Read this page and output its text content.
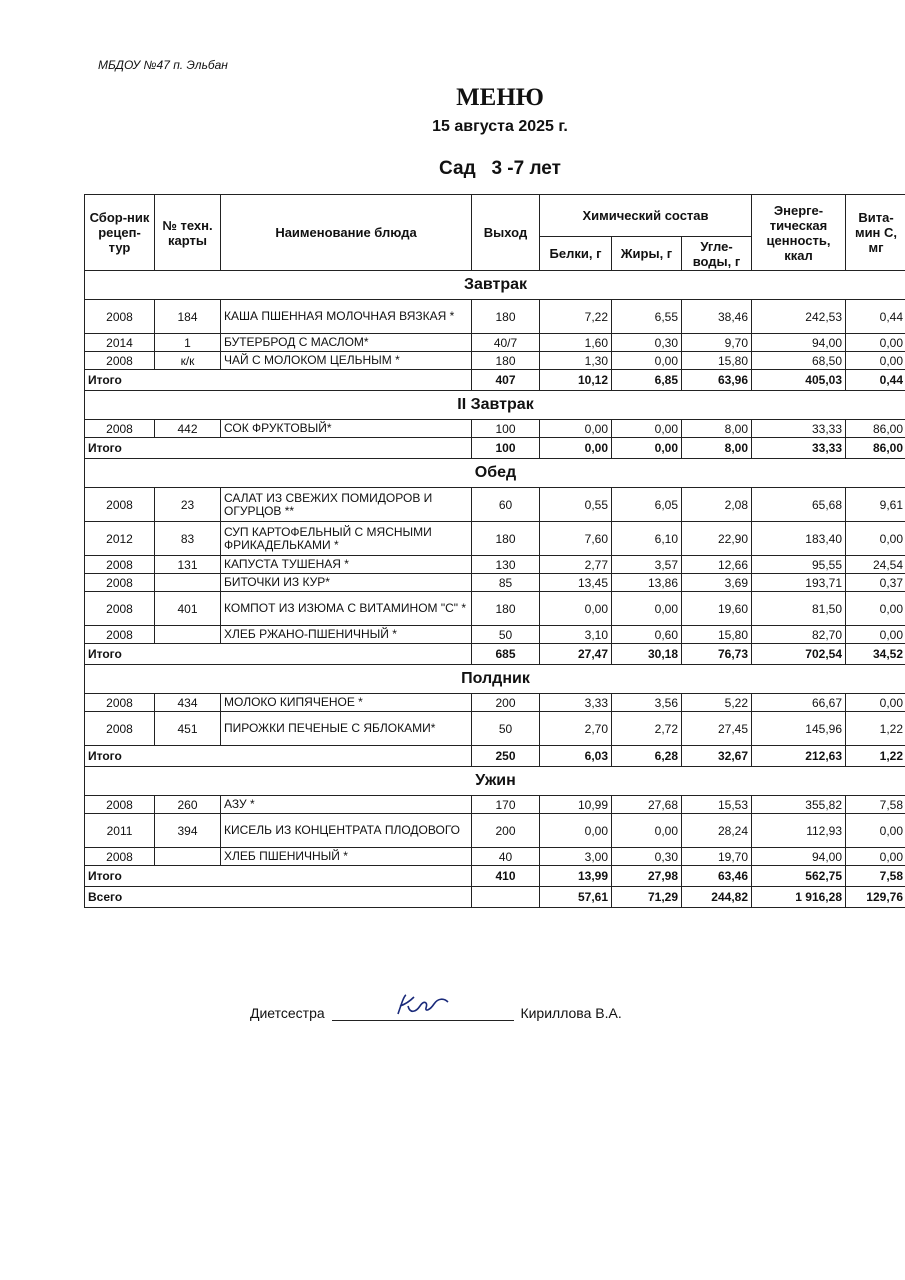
МБДОУ №47 п. Эльбан
МЕНЮ
15 августа 2025 г.
Сад   3 -7 лет
Сбор-ник рецеп-тур	№ техн. карты	Наименование блюда	Выход	Химический состав			Энерге-тическая ценность, ккал	Вита-мин С, мг
				Белки, г	Жиры, г	Угле-воды, г		
Завтрак								
2008	184	КАША ПШЕННАЯ МОЛОЧНАЯ ВЯЗКАЯ *	180	7,22	6,55	38,46	242,53	0,44
2014	1	БУТЕРБРОД С МАСЛОМ*	40/7	1,60	0,30	9,70	94,00	0,00
2008	к/к	ЧАЙ С МОЛОКОМ ЦЕЛЬНЫМ *	180	1,30	0,00	15,80	68,50	0,00
Итого			407	10,12	6,85	63,96	405,03	0,44
II Завтрак								
2008	442	СОК ФРУКТОВЫЙ*	100	0,00	0,00	8,00	33,33	86,00
Итого			100	0,00	0,00	8,00	33,33	86,00
Обед								
2008	23	САЛАТ ИЗ СВЕЖИХ ПОМИДОРОВ И ОГУРЦОВ **	60	0,55	6,05	2,08	65,68	9,61
2012	83	СУП КАРТОФЕЛЬНЫЙ С МЯСНЫМИ ФРИКАДЕЛЬКАМИ *	180	7,60	6,10	22,90	183,40	0,00
2008	131	КАПУСТА ТУШЕНАЯ *	130	2,77	3,57	12,66	95,55	24,54
2008		БИТОЧКИ ИЗ КУР*	85	13,45	13,86	3,69	193,71	0,37
2008	401	КОМПОТ ИЗ ИЗЮМА С ВИТАМИНОМ "С" *	180	0,00	0,00	19,60	81,50	0,00
2008		ХЛЕБ РЖАНО-ПШЕНИЧНЫЙ *	50	3,10	0,60	15,80	82,70	0,00
Итого			685	27,47	30,18	76,73	702,54	34,52
Полдник								
2008	434	МОЛОКО КИПЯЧЕНОЕ *	200	3,33	3,56	5,22	66,67	0,00
2008	451	ПИРОЖКИ ПЕЧЕНЫЕ С ЯБЛОКАМИ*	50	2,70	2,72	27,45	145,96	1,22
Итого			250	6,03	6,28	32,67	212,63	1,22
Ужин								
2008	260	АЗУ *	170	10,99	27,68	15,53	355,82	7,58
2011	394	КИСЕЛЬ ИЗ КОНЦЕНТРАТА ПЛОДОВОГО	200	0,00	0,00	28,24	112,93	0,00
2008		ХЛЕБ ПШЕНИЧНЫЙ *	40	3,00	0,30	19,70	94,00	0,00
Итого			410	13,99	27,98	63,46	562,75	7,58
Всего				57,61	71,29	244,82	1 916,28	129,76
Диетсестра	Кириллова В.А.
